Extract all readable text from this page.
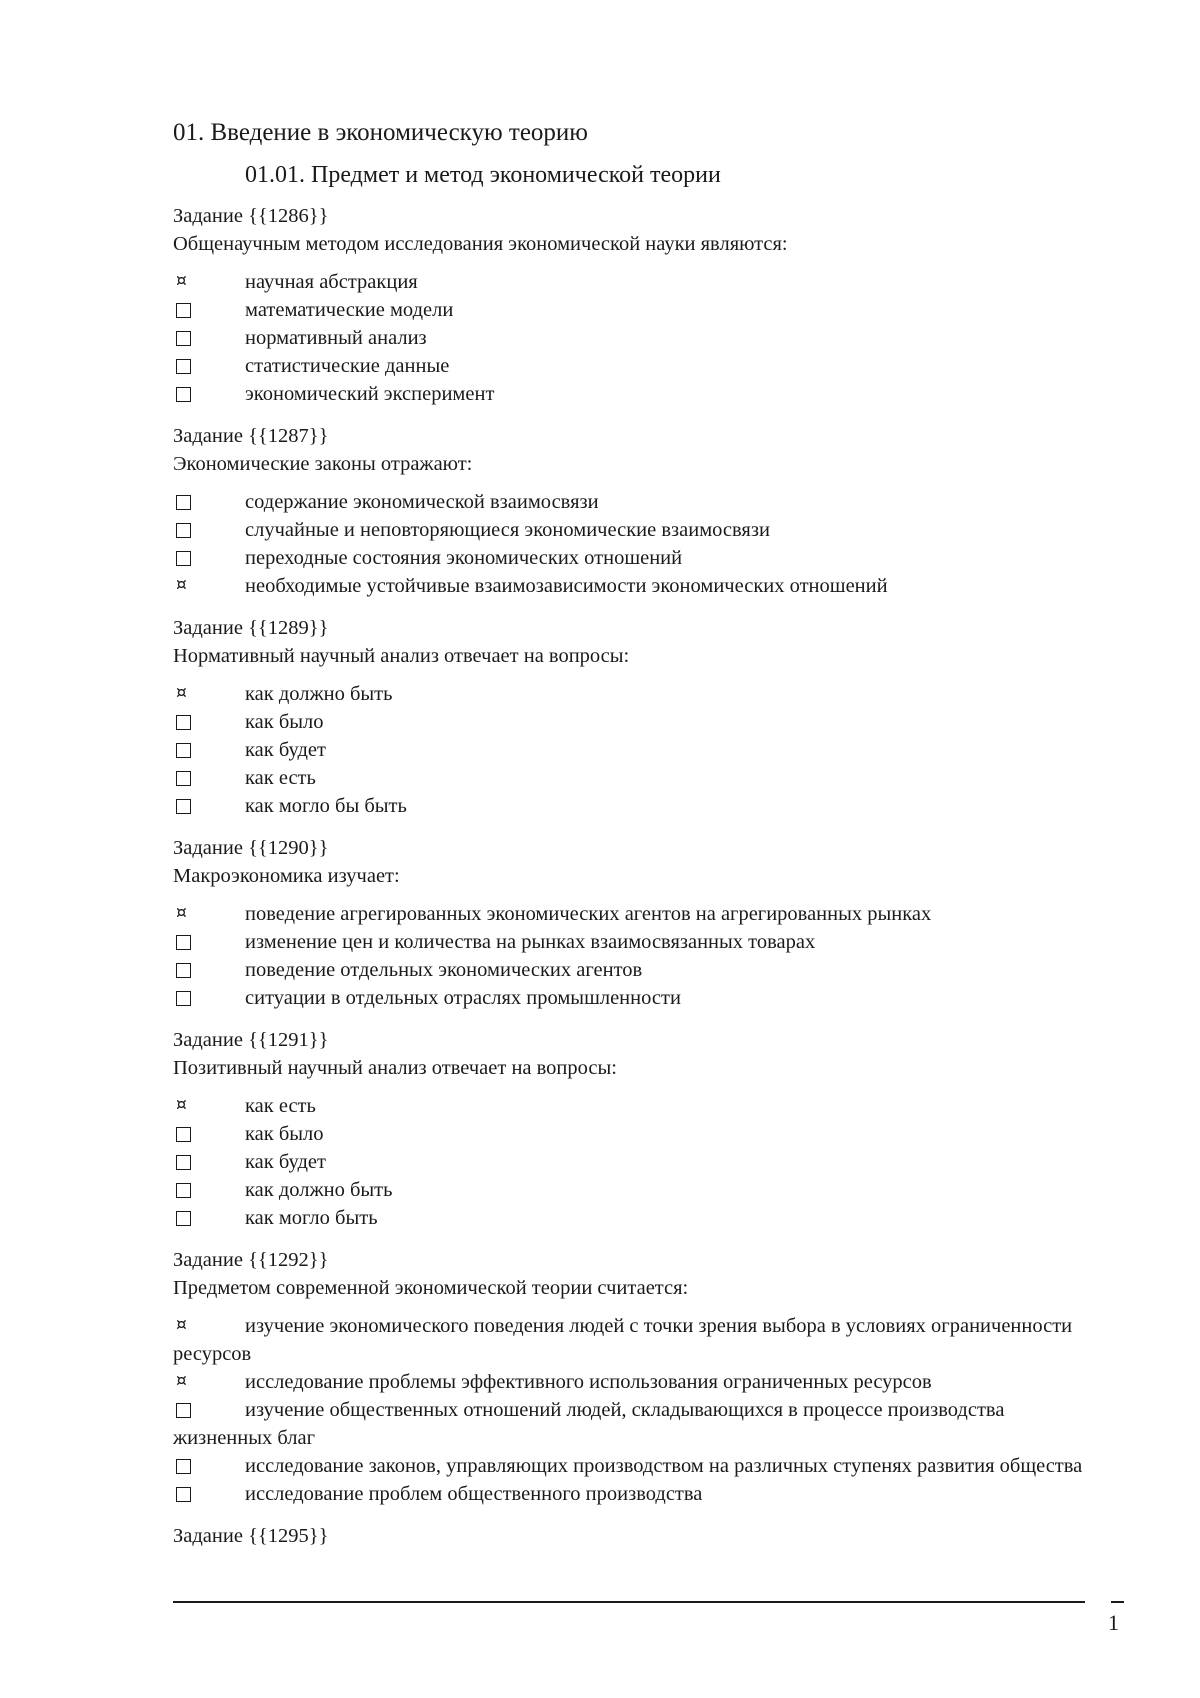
01. Введение в экономическую теорию
01.01. Предмет и метод экономической теории
Задание {{1286}}
Общенаучным методом исследования экономической науки являются:
¤	научная абстракция
математические модели
нормативный анализ
статистические данные
экономический эксперимент
Задание {{1287}}
Экономические законы отражают:
содержание экономической взаимосвязи
случайные и неповторяющиеся экономические взаимосвязи
переходные состояния экономических отношений
¤	необходимые устойчивые взаимозависимости экономических отношений
Задание {{1289}}
Нормативный научный анализ отвечает на вопросы:
¤	как должно быть
как было
как будет
как есть
как могло бы быть
Задание {{1290}}
Макроэкономика изучает:
¤	поведение агрегированных экономических агентов на агрегированных рынках
изменение цен и количества на рынках взаимосвязанных товарах
поведение отдельных экономических агентов
ситуации в отдельных отраслях промышленности
Задание {{1291}}
Позитивный научный анализ отвечает на вопросы:
¤	как есть
как было
как будет
как должно быть
как могло быть
Задание {{1292}}
Предметом современной экономической теории считается:
¤	изучение экономического поведения людей с точки зрения выбора в условиях ограниченности ресурсов
¤	исследование проблемы эффективного использования ограниченных ресурсов
изучение общественных отношений людей, складывающихся в процессе производства жизненных благ
исследование законов, управляющих производством на различных ступенях развития общества
исследование проблем общественного производства
Задание {{1295}}
1
